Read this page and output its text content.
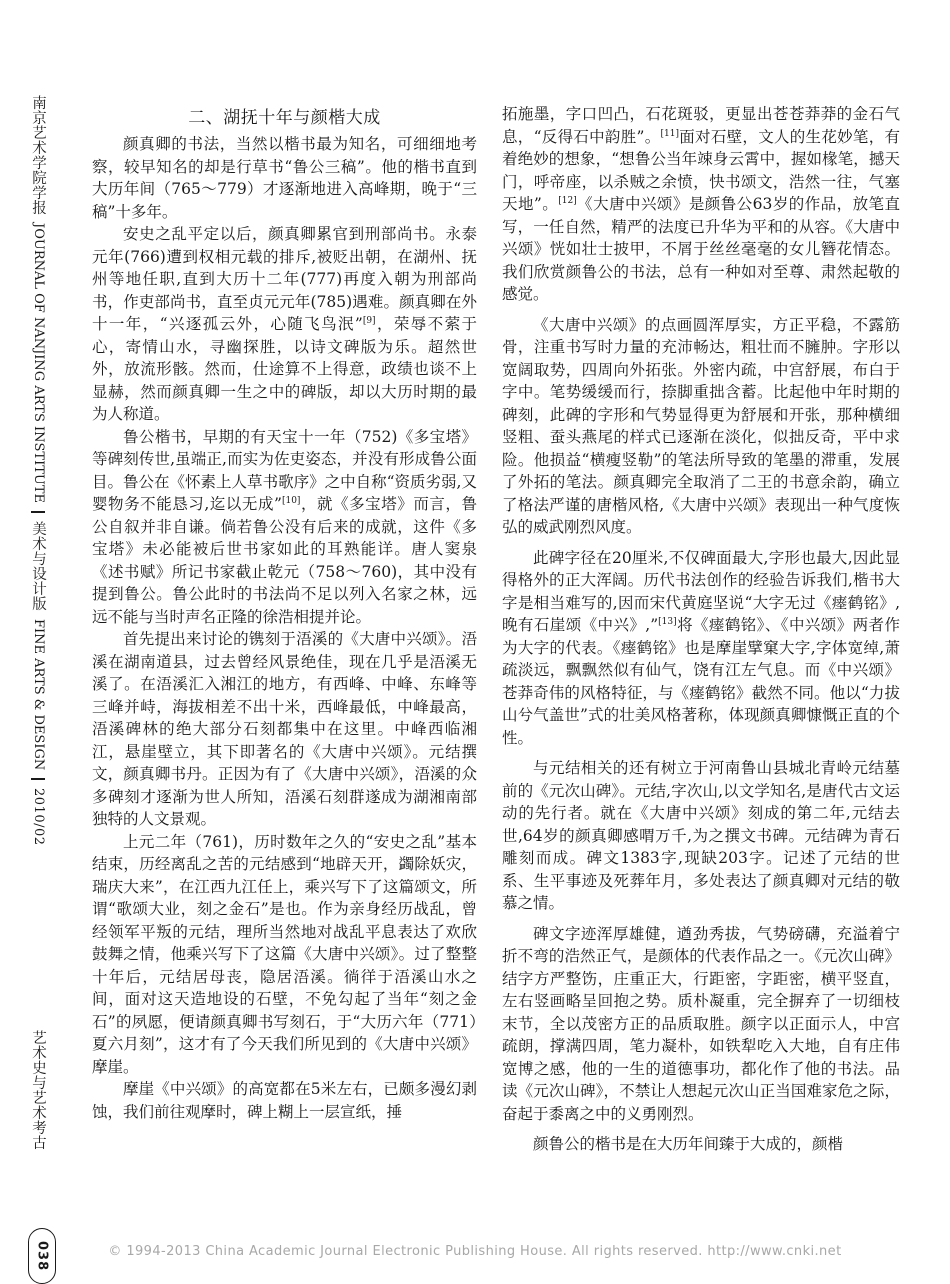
南京艺术学院学报
JOURNAL OF NANJING ARTS INSTITUTE
美术与设计版
FINE ARTS & DESIGN
2010/02
艺术史与艺术考古
038
二、湖抚十年与颜楷大成

颜真卿的书法，当然以楷书最为知名，可细细地考察，较早知名的却是行草书“鲁公三稿”。他的楷书直到大历年间（765～779）才逐渐地进入高峰期，晚于“三稿”十多年。

安史之乱平定以后，颜真卿累官到刑部尚书。永泰元年(766)遭到权相元载的排斥,被贬出朝，在湖州、抚州等地任职,直到大历十二年(777)再度入朝为刑部尚书，作吏部尚书，直至贞元元年(785)遇难。颜真卿在外十一年，“兴逐孤云外，心随飞鸟泯”[9]，荣辱不萦于心，寄情山水，寻幽探胜，以诗文碑版为乐。超然世外，放流形骸。然而，仕途算不上得意，政绩也谈不上显赫，然而颜真卿一生之中的碑版，却以大历时期的最为人称道。

鲁公楷书，早期的有天宝十一年（752)《多宝塔》等碑刻传世,虽端正,而实为佐吏姿态，并没有形成鲁公面目。鲁公在《怀素上人草书歌序》之中自称“资质劣弱,又婴物务不能恳习,迄以无成”[10]，就《多宝塔》而言，鲁公自叙并非自谦。倘若鲁公没有后来的成就，这件《多宝塔》未必能被后世书家如此的耳熟能详。唐人窦泉《述书赋》所记书家截止乾元（758～760)，其中没有提到鲁公。鲁公此时的书法尚不足以列入名家之林，远远不能与当时声名正隆的徐浩相提并论。

首先提出来讨论的镌刻于浯溪的《大唐中兴颂》。浯溪在湖南道县，过去曾经风景绝佳，现在几乎是浯溪无溪了。在浯溪汇入湘江的地方，有西峰、中峰、东峰等三峰并峙，海拔相差不出十米，西峰最低，中峰最高，浯溪碑林的绝大部分石刻都集中在这里。中峰西临湘江，悬崖壁立，其下即著名的《大唐中兴颂》。元结撰文，颜真卿书丹。正因为有了《大唐中兴颂》，浯溪的众多碑刻才逐渐为世人所知，浯溪石刻群遂成为湖湘南部独特的人文景观。

上元二年（761)，历时数年之久的“安史之乱”基本结束，历经离乱之苦的元结感到“地辟天开，蠲除妖灾，瑞庆大来”，在江西九江任上，乘兴写下了这篇颂文，所谓“歌颂大业，刻之金石”是也。作为亲身经历战乱，曾经领军平叛的元结，理所当然地对战乱平息表达了欢欣鼓舞之情，他乘兴写下了这篇《大唐中兴颂》。过了整整十年后，元结居母丧，隐居浯溪。徜徉于浯溪山水之间，面对这天造地设的石壁，不免勾起了当年“刻之金石”的夙愿，便请颜真卿书写刻石，于“大历六年（771）夏六月刻”，这才有了今天我们所见到的《大唐中兴颂》摩崖。

摩崖《中兴颂》的高宽都在5米左右，已颇多漫幻剥蚀，我们前往观摩时，碑上糊上一层宣纸，捶

拓施墨，字口凹凸，石花斑驳，更显出苍苍莽莽的金石气息，“反得石中韵胜”。[11]面对石壁，文人的生花妙笔，有着绝妙的想象，“想鲁公当年竦身云霄中，握如椽笔，撼天门，呼帝座，以杀贼之余愤，快书颂文，浩然一往，气塞天地”。[12]《大唐中兴颂》是颜鲁公63岁的作品，放笔直写，一任自然，精严的法度已升华为平和的从容。《大唐中兴颂》恍如壮士披甲，不屑于丝丝毫毫的女儿簪花情态。我们欣赏颜鲁公的书法，总有一种如对至尊、肃然起敬的感觉。

《大唐中兴颂》的点画圆浑厚实，方正平稳，不露筋骨，注重书写时力量的充沛畅达，粗壮而不臃肿。字形以宽阔取势，四周向外拓张。外密内疏，中宫舒展，布白于字中。笔势缓缓而行，捺脚重拙含蓄。比起他中年时期的碑刻，此碑的字形和气势显得更为舒展和开张，那种横细竖粗、蚕头燕尾的样式已逐渐在淡化，似拙反奇，平中求险。他损益“横瘦竖勒”的笔法所导致的笔墨的滞重，发展了外拓的笔法。颜真卿完全取消了二王的书意余韵，确立了格法严谨的唐楷风格,《大唐中兴颂》表现出一种气度恢弘的威武刚烈风度。

此碑字径在20厘米,不仅碑面最大,字形也最大,因此显得格外的正大浑阔。历代书法创作的经验告诉我们,楷书大字是相当难写的,因而宋代黄庭坚说“大字无过《瘗鹤铭》,晚有石崖颂《中兴》,”[13]将《瘗鹤铭》、《中兴颂》两者作为大字的代表。《瘗鹤铭》也是摩崖擘窠大字,字体宽绰,萧疏淡远，飘飘然似有仙气，饶有江左气息。而《中兴颂》苍莽奇伟的风格特征，与《瘗鹤铭》截然不同。他以“力拔山兮气盖世”式的壮美风格著称，体现颜真卿慷慨正直的个性。

与元结相关的还有树立于河南鲁山县城北青岭元结墓前的《元次山碑》。元结,字次山,以文学知名,是唐代古文运动的先行者。就在《大唐中兴颂》刻成的第二年,元结去世,64岁的颜真卿感喟万千,为之撰文书碑。元结碑为青石雕刻而成。碑文1383字,现缺203字。记述了元结的世系、生平事迹及死葬年月，多处表达了颜真卿对元结的敬慕之情。

碑文字迹浑厚雄健，遒劲秀拔，气势磅礴，充溢着宁折不弯的浩然正气，是颜体的代表作品之一。《元次山碑》结字方严整饬，庄重正大，行距密，字距密，横平竖直，左右竖画略呈回抱之势。质朴凝重，完全摒弃了一切细枝末节，全以茂密方正的品质取胜。颜字以正面示人，中宫疏朗，撑满四周，笔力凝朴，如铁犁吃入大地，自有庄伟宽博之感，他的一生的道德事功，都化作了他的书法。品读《元次山碑》，不禁让人想起元次山正当国难家危之际，奋起于黍离之中的义勇刚烈。

颜鲁公的楷书是在大历年间臻于大成的，颜楷

© 1994-2013 China Academic Journal Electronic Publishing House. All rights reserved. http://www.cnki.net
